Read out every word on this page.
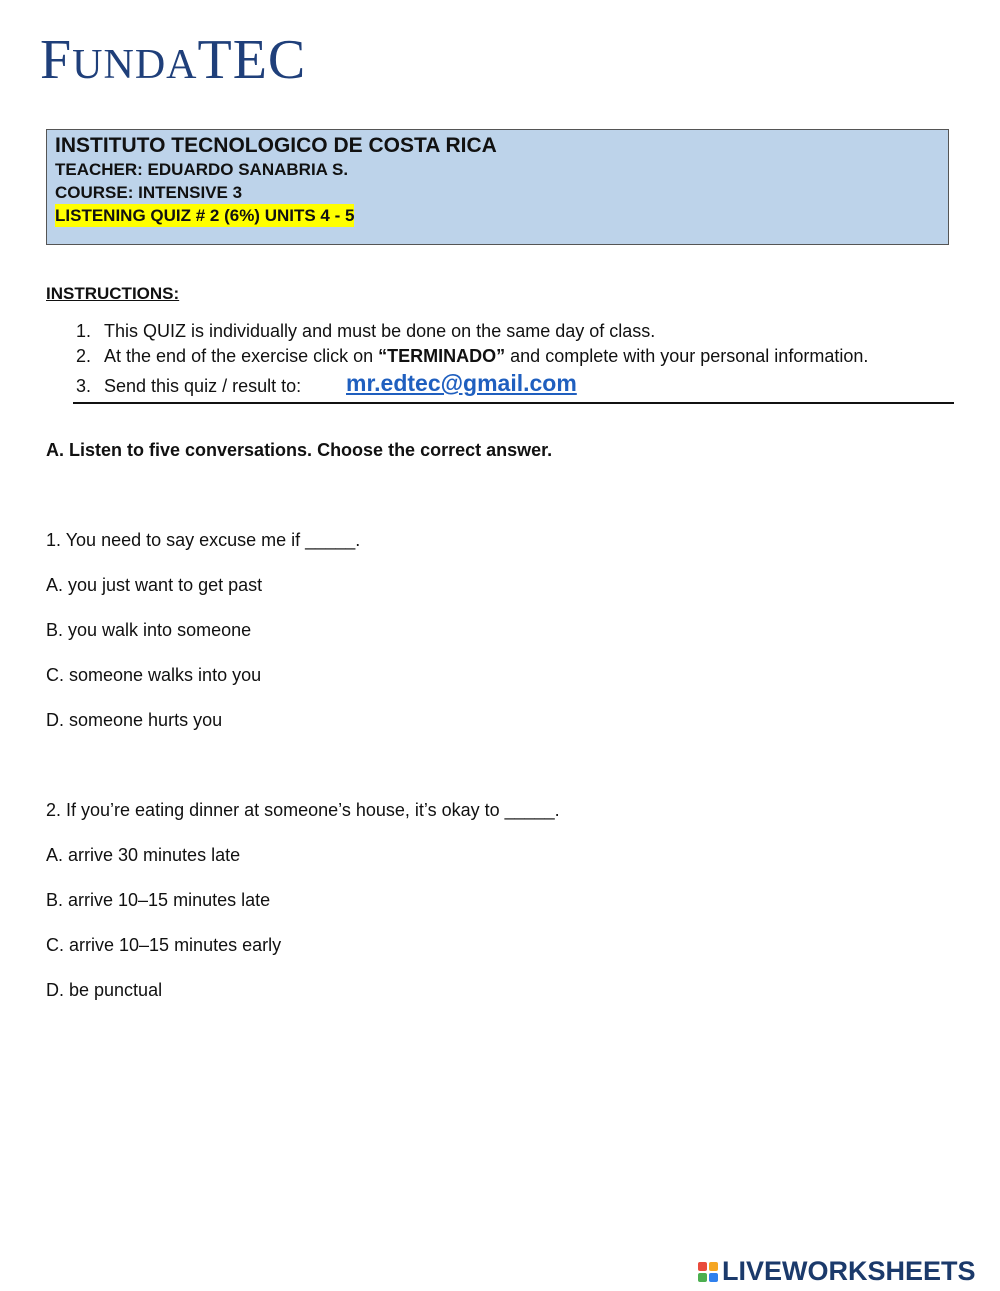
FUNDATEC
INSTITUTO TECNOLOGICO DE COSTA RICA
TEACHER: EDUARDO SANABRIA S.
COURSE: INTENSIVE 3
LISTENING QUIZ # 2 (6%) UNITS 4 - 5
INSTRUCTIONS:
1. This QUIZ is individually and must be done on the same day of class.
2. At the end of the exercise click on “TERMINADO” and complete with your personal information.
3. Send this quiz / result to: mr.edtec@gmail.com
A. Listen to five conversations. Choose the correct answer.
1. You need to say excuse me if _____.
A. you just want to get past
B. you walk into someone
C. someone walks into you
D. someone hurts you
2. If you’re eating dinner at someone’s house, it’s okay to _____.
A. arrive 30 minutes late
B. arrive 10–15 minutes late
C. arrive 10–15 minutes early
D. be punctual
LIVEWORKSHEETS
